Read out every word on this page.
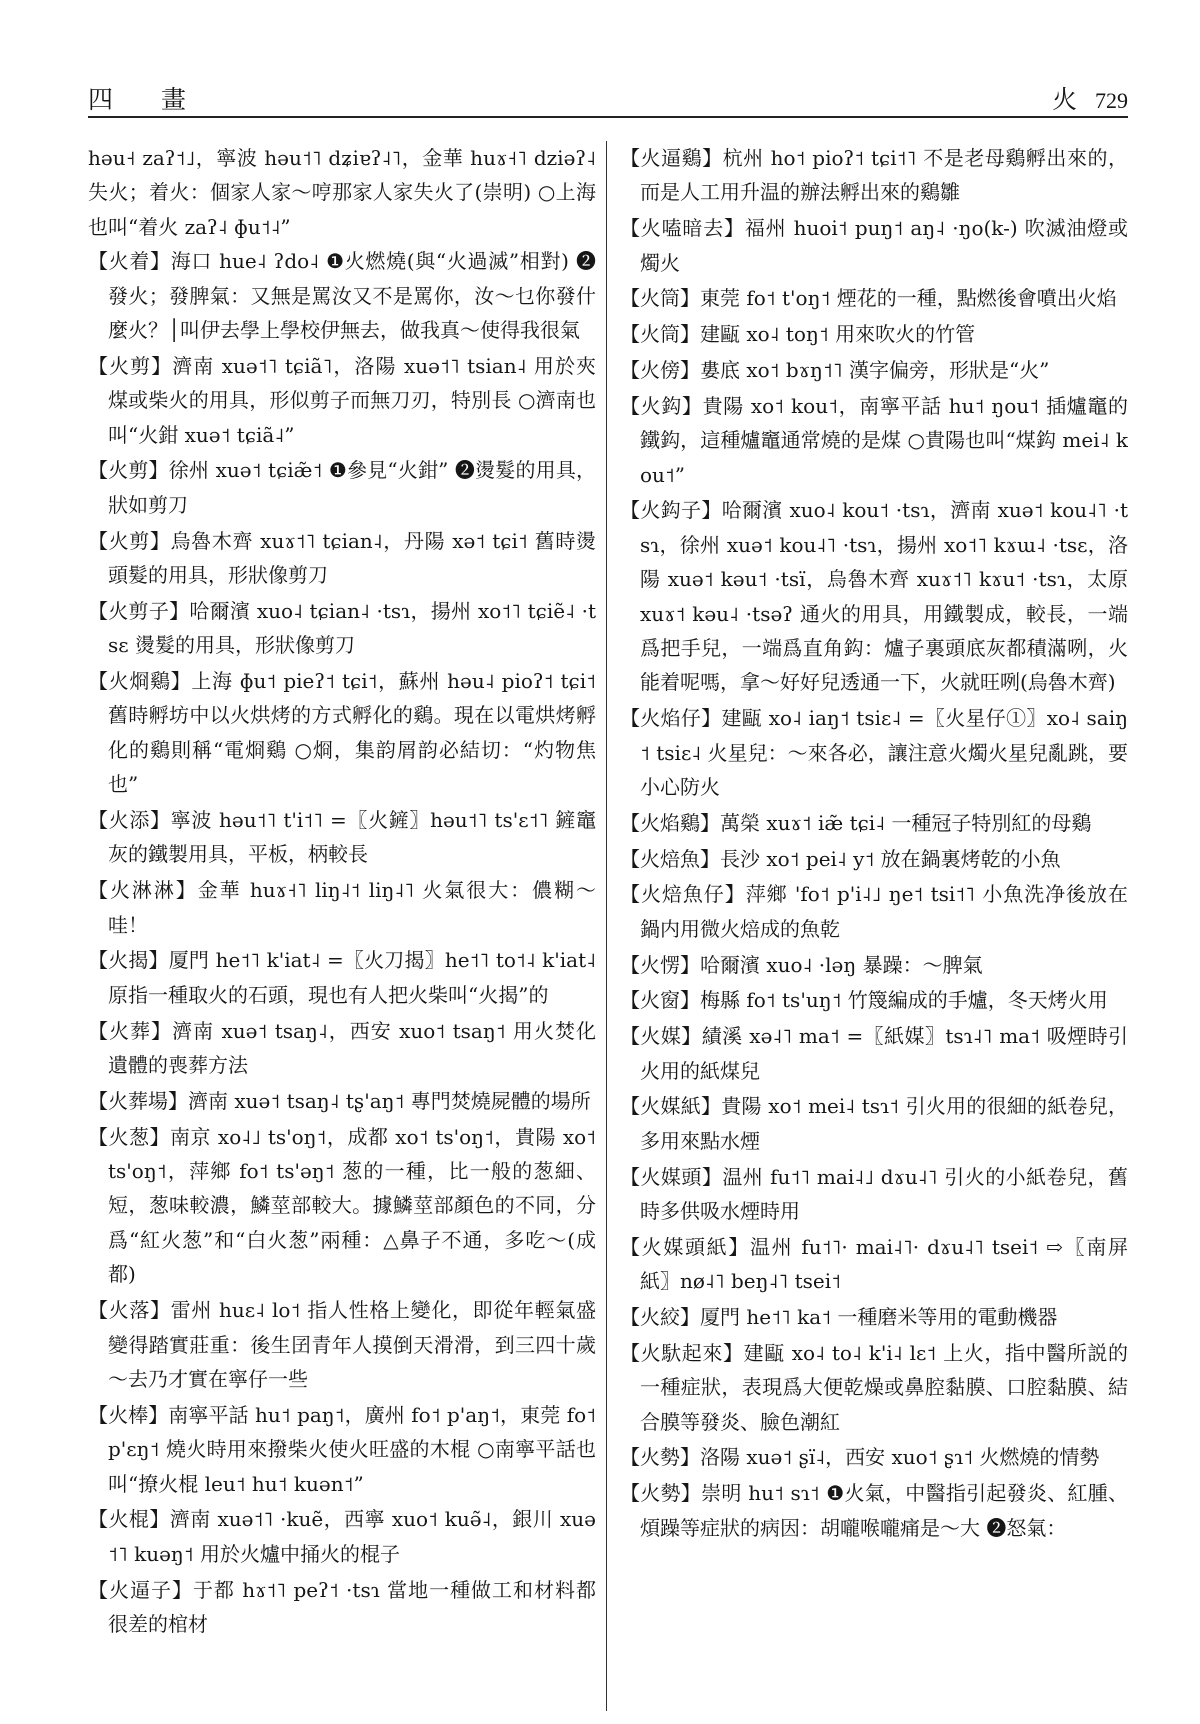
四 畫	火 729

hǝu˧ zaʔ˦˩，寧波 hǝu˦˥ dʑiɐʔ˨˥，金華 huɤ˧˥ dziǝʔ˨ 失火；着火：個家人家～哼那家人家失火了(崇明) ○上海也叫“着火 zaʔ˨ ɸu˦˨”

【火着】海口 hue˨ ʔdo˨ ❶火燃燒(與“火過滅”相對) ❷發火；發脾氣：又無是罵汝又不是罵你，汝～乜你發什麼火？│叫伊去學上學校伊無去，做我真～使得我很氣
【火剪】濟南 xuǝ˦˥ tɕiã˥，洛陽 xuǝ˦˥ tsian˨ 用於夾煤或柴火的用具，形似剪子而無刀刃，特別長 ○濟南也叫“火鉗 xuǝ˦ tɕiã˨”
【火剪】徐州 xuǝ˦ tɕiæ̃˦ ❶參見“火鉗” ❷燙髮的用具，狀如剪刀
【火剪】烏魯木齊 xuɤ˦˥ tɕian˨，丹陽 xǝ˦ tɕi˦ 舊時燙頭髮的用具，形狀像剪刀
【火剪子】哈爾濱 xuo˨ tɕian˨ ·tsɿ，揚州 xo˦˥ tɕiẽ˨ ·tsɛ 燙髮的用具，形狀像剪刀
【火烱鷄】上海 ɸu˦ pieʔ˦ tɕi˦，蘇州 hǝu˨ pioʔ˦ tɕi˦ 舊時孵坊中以火烘烤的方式孵化的鷄。現在以電烘烤孵化的鷄則稱“電烱鷄 ○烱，集韵屑韵必結切：“灼物焦也”
【火添】寧波 hǝu˦˥ t'i˦˥ =〖火鏟〗hǝu˦˥ ts'ɛ˦˥ 鏟竈灰的鐵製用具，平板，柄較長
【火淋淋】金華 huɤ˧˥ liŋ˨˦ liŋ˨˥ 火氣很大：儂糊～哇！
【火揭】厦門 he˦˥ k'iat˨ =〖火刀揭〗he˦˥ to˦˨ k'iat˨ 原指一種取火的石頭，現也有人把火柴叫“火揭”的
【火葬】濟南 xuǝ˦ tsaŋ˨，西安 xuo˦ tsaŋ˦ 用火焚化遺體的喪葬方法
【火葬場】濟南 xuǝ˦ tsaŋ˨ tʂ'aŋ˦ 專門焚燒屍體的場所
【火葱】南京 xo˨˩ ts'oŋ˦，成都 xo˦ ts'oŋ˦，貴陽 xo˦ ts'oŋ˦，萍鄉 fo˦ ts'ǝŋ˦ 葱的一種，比一般的葱細、短，葱味較濃，鱗莖部較大。據鱗莖部顏色的不同，分爲“紅火葱”和“白火葱”兩種：△鼻子不通，多吃～(成都)
【火落】雷州 huɛ˨ lo˦ 指人性格上變化，即從年輕氣盛變得踏實莊重：後生囝青年人摸倒天滑滑，到三四十歲～去乃才實在寧仔一些
【火棒】南寧平話 hu˦ paŋ˦，廣州 fo˦ p'aŋ˦，東莞 fo˦ p'ɛŋ˦ 燒火時用來撥柴火使火旺盛的木棍 ○南寧平話也叫“撩火棍 leu˦ hu˦ kuǝn˦”
【火棍】濟南 xuǝ˦˥ ·kuẽ，西寧 xuo˦ kuǝ̃˨，銀川 xuǝ˦˥ kuǝŋ˦ 用於火爐中捅火的棍子
【火逼子】于都 hɤ˦˥ peʔ˦ ·tsɿ 當地一種做工和材料都很差的棺材
【火逼鷄】杭州 ho˦ pioʔ˦ tɕi˦˥ 不是老母鷄孵出來的，而是人工用升温的辦法孵出來的鷄雛
【火嗑暗去】福州 huoi˦ puŋ˦ aŋ˨ ·ŋo(k-) 吹滅油燈或燭火
【火筒】東莞 fo˦ t'oŋ˦ 煙花的一種，點燃後會噴出火焰
【火筒】建甌 xo˨ toŋ˦ 用來吹火的竹管
【火傍】婁底 xo˦ bɤŋ˦˥ 漢字偏旁，形狀是“火”
【火鈎】貴陽 xo˦ kou˦，南寧平話 hu˦ ŋou˦ 插爐竈的鐵鈎，這種爐竈通常燒的是煤 ○貴陽也叫“煤鈎 mei˨ kou˦”
【火鈎子】哈爾濱 xuo˨ kou˦ ·tsɿ，濟南 xuǝ˦ kou˨˥ ·tsɿ，徐州 xuǝ˦ kou˨˥ ·tsɿ，揚州 xo˦˥ kɤɯ˨ ·tsɛ，洛陽 xuǝ˦ kǝu˦ ·tsï，烏魯木齊 xuɤ˦˥ kɤu˦ ·tsɿ，太原 xuɤ˦ kǝu˨ ·tsǝʔ 通火的用具，用鐵製成，較長，一端爲把手兒，一端爲直角鈎：爐子裏頭底灰都積滿咧，火能着呢嗎，拿～好好兒透通一下，火就旺咧(烏魯木齊)
【火焰仔】建甌 xo˨ iaŋ˦ tsiɛ˨ =〖火星仔①〗xo˨ saiŋ˦ tsiɛ˨ 火星兒：～來各必，讓注意火燭火星兒亂跳，要小心防火
【火焰鷄】萬榮 xuɤ˦ iæ̃ tɕi˨ 一種冠子特別紅的母鷄
【火焙魚】長沙 xo˦ pei˨ y˦ 放在鍋裏烤乾的小魚
【火焙魚仔】萍鄉 'fo˦ p'i˨˩ ŋe˦ tsi˦˥ 小魚洗净後放在鍋内用微火焙成的魚乾
【火愣】哈爾濱 xuo˨ ·lǝŋ 暴躁：～脾氣
【火窗】梅縣 fo˦ ts'uŋ˦ 竹篾編成的手爐，冬天烤火用
【火媒】績溪 xǝ˨˥ ma˦ =〖紙媒〗tsɿ˨˥ ma˦ 吸煙時引火用的紙煤兒
【火媒紙】貴陽 xo˦ mei˨ tsɿ˦ 引火用的很細的紙卷兒，多用來點水煙
【火媒頭】温州 fu˦˥ mai˨˩ dɤu˨˥ 引火的小紙卷兒，舊時多供吸水煙時用
【火媒頭紙】温州 fu˦˥· mai˨˥· dɤu˨˥ tsei˦ ⇨〖南屏紙〗nø˨˥ beŋ˨˥ tsei˦
【火絞】厦門 he˦˥ ka˦ 一種磨米等用的電動機器
【火馱起來】建甌 xo˨ to˨ k'i˨ lɛ˦ 上火，指中醫所説的一種症狀，表現爲大便乾燥或鼻腔黏膜、口腔黏膜、結合膜等發炎、臉色潮紅
【火勢】洛陽 xuǝ˦ ʂï˨，西安 xuo˦ ʂɿ˦ 火燃燒的情勢
【火勢】崇明 hu˦ sɿ˦ ❶火氣，中醫指引起發炎、紅腫、煩躁等症狀的病因：胡嚨喉嚨痛是～大 ❷怒氣：
